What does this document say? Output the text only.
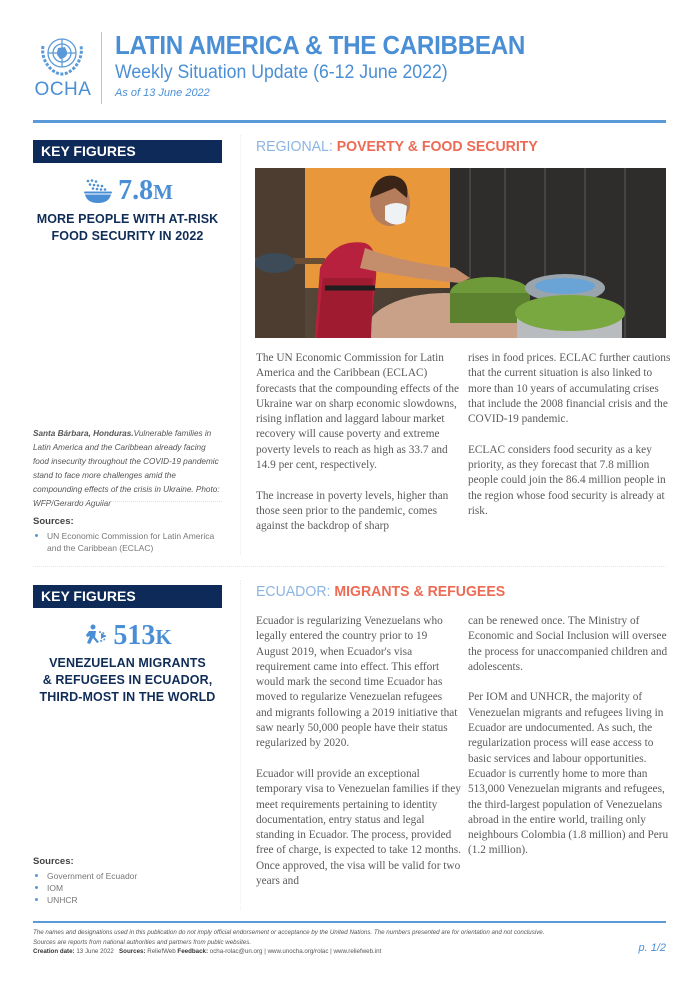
OCHA
LATIN AMERICA & THE CARIBBEAN
Weekly Situation Update (6-12 June 2022)
As of 13 June 2022
KEY FIGURES
7.8M
MORE PEOPLE WITH AT-RISK
FOOD SECURITY IN 2022
Santa Bárbara, Honduras.Vulnerable families in Latin America and the Caribbean already facing food insecurity throughout the COVID-19 pandemic stand to face more challenges amid the compounding effects of the crisis in Ukraine. Photo: WFP/Gerardo Aguilar
Sources:
UN Economic Commission for Latin America and the Caribbean (ECLAC)
REGIONAL: POVERTY & FOOD SECURITY

The UN Economic Commission for Latin America and the Caribbean (ECLAC) forecasts that the compounding effects of the Ukraine war on sharp economic slowdowns, rising inflation and laggard labour market recovery will cause poverty and extreme poverty levels to reach as high as 33.7 and 14.9 per cent, respectively.

The increase in poverty levels, higher than those seen prior to the pandemic, comes against the backdrop of sharp

rises in food prices. ECLAC further cautions that the current situation is also linked to more than 10 years of accumulating crises that include the 2008 financial crisis and the COVID-19 pandemic.

ECLAC considers food security as a key priority, as they forecast that 7.8 million people could join the 86.4 million people in the region whose food security is already at risk.

KEY FIGURES
513K
VENEZUELAN MIGRANTS
& REFUGEES IN ECUADOR,
THIRD-MOST IN THE WORLD
Sources:
Government of Ecuador
IOM
UNHCR
ECUADOR: MIGRANTS & REFUGEES

Ecuador is regularizing Venezuelans who legally entered the country prior to 19 August 2019, when Ecuador's visa requirement came into effect. This effort would mark the second time Ecuador has moved to regularize Venezuelan refugees and migrants following a 2019 initiative that saw nearly 50,000 people have their status regularized by 2020.

Ecuador will provide an exceptional temporary visa to Venezuelan families if they meet requirements pertaining to identity documentation, entry status and legal standing in Ecuador. The process, provided free of charge, is expected to take 12 months. Once approved, the visa will be valid for two years and

can be renewed once. The Ministry of Economic and Social Inclusion will oversee the process for unaccompanied children and adolescents.

Per IOM and UNHCR, the majority of Venezuelan migrants and refugees living in Ecuador are undocumented. As such, the regularization process will ease access to basic services and labour opportunities. Ecuador is currently home to more than 513,000 Venezuelan migrants and refugees, the third-largest population of Venezuelans abroad in the entire world, trailing only neighbours Colombia (1.8 million) and Peru (1.2 million).

The names and designations used in this publication do not imply official endorsement or acceptance by the United Nations. The numbers presented are for orientation and not conclusive.
Sources are reports from national authorities and partners from public websites.
Creation date: 13 June 2022 Sources: ReliefWeb Feedback: ocha-rolac@un.org | www.unocha.org/rolac | www.reliefweb.int	p. 1/2
